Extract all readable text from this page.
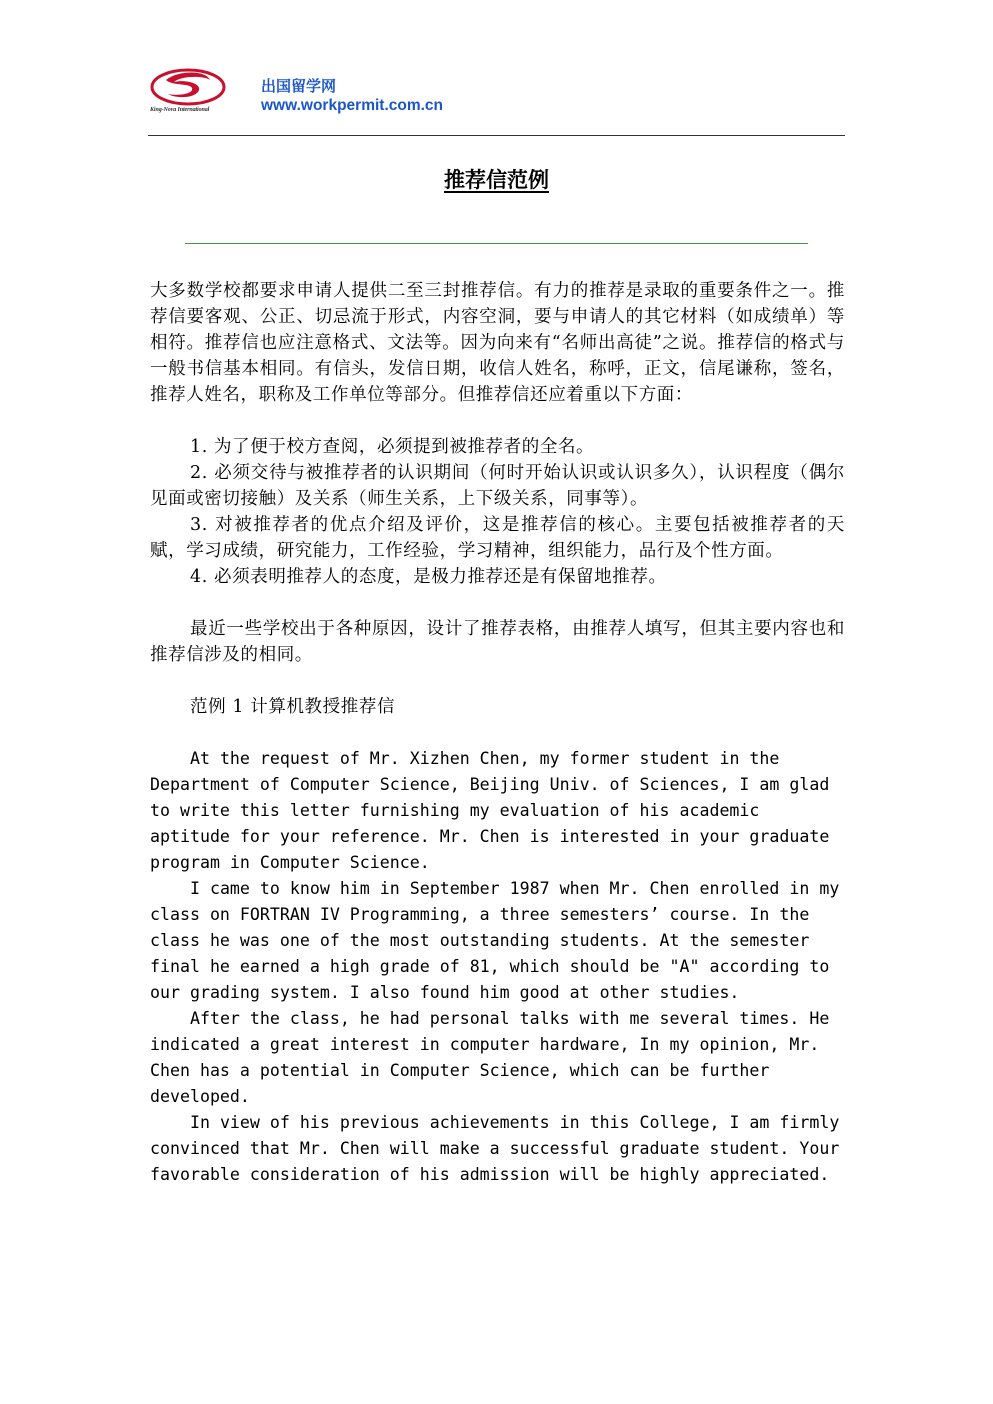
King-Nova International
出国留学网
www.workpermit.com.cn
推荐信范例

大多数学校都要求申请人提供二至三封推荐信。有力的推荐是录取的重要条件之一。推荐信要客观、公正、切忌流于形式，内容空洞，要与申请人的其它材料（如成绩单）等相符。推荐信也应注意格式、文法等。因为向来有“名师出高徒”之说。推荐信的格式与一般书信基本相同。有信头，发信日期，收信人姓名，称呼，正文，信尾谦称，签名，推荐人姓名，职称及工作单位等部分。但推荐信还应着重以下方面：

1. 为了便于校方查阅，必须提到被推荐者的全名。

2. 必须交待与被推荐者的认识期间（何时开始认识或认识多久），认识程度（偶尔见面或密切接触）及关系（师生关系，上下级关系，同事等）。

3. 对被推荐者的优点介绍及评价，这是推荐信的核心。主要包括被推荐者的天赋，学习成绩，研究能力，工作经验，学习精神，组织能力，品行及个性方面。

4. 必须表明推荐人的态度，是极力推荐还是有保留地推荐。

最近一些学校出于各种原因，设计了推荐表格，由推荐人填写，但其主要内容也和推荐信涉及的相同。

范例 1 计算机教授推荐信

At the request of Mr. Xizhen Chen, my former student in the
Department of Computer Science, Beijing Univ. of Sciences, I am glad
to write this letter furnishing my evaluation of his academic
aptitude for your reference. Mr. Chen is interested in your graduate
program in Computer Science.

I came to know him in September 1987 when Mr. Chen enrolled in my
class on FORTRAN IV Programming, a three semesters’ course. In the
class he was one of the most outstanding students. At the semester
final he earned a high grade of 81, which should be "A" according to
our grading system. I also found him good at other studies.

After the class, he had personal talks with me several times. He
indicated a great interest in computer hardware, In my opinion, Mr.
Chen has a potential in Computer Science, which can be further
developed.

In view of his previous achievements in this College, I am firmly
convinced that Mr. Chen will make a successful graduate student. Your
favorable consideration of his admission will be highly appreciated.
